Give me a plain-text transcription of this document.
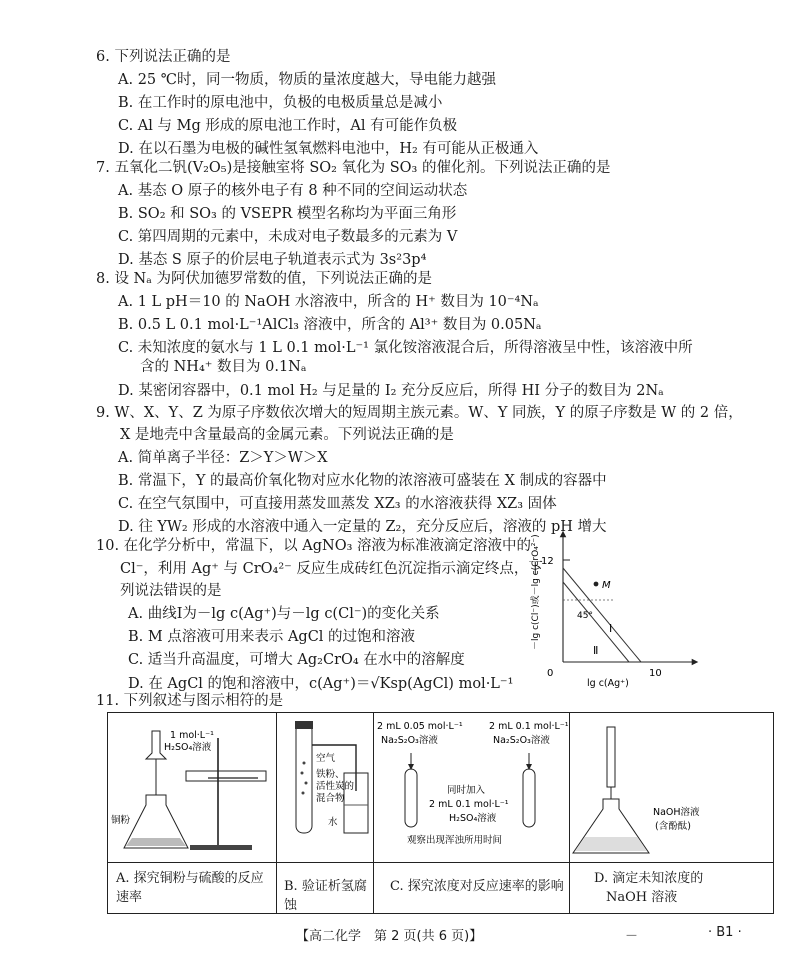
6. 下列说法正确的是
A. 25 ℃时，同一物质，物质的量浓度越大，导电能力越强
B. 在工作时的原电池中，负极的电极质量总是减小
C. Al 与 Mg 形成的原电池工作时，Al 有可能作负极
D. 在以石墨为电极的碱性氢氧燃料电池中，H₂ 有可能从正极通入
7. 五氧化二钒(V₂O₅)是接触室将 SO₂ 氧化为 SO₃ 的催化剂。下列说法正确的是
A. 基态 O 原子的核外电子有 8 种不同的空间运动状态
B. SO₂ 和 SO₃ 的 VSEPR 模型名称均为平面三角形
C. 第四周期的元素中，未成对电子数最多的元素为 V
D. 基态 S 原子的价层电子轨道表示式为 3s²3p⁴
8. 设 Nₐ 为阿伏加德罗常数的值，下列说法正确的是
A. 1 L pH＝10 的 NaOH 水溶液中，所含的 H⁺ 数目为 10⁻⁴Nₐ
B. 0.5 L 0.1 mol·L⁻¹AlCl₃ 溶液中，所含的 Al³⁺ 数目为 0.05Nₐ
C. 未知浓度的氨水与 1 L 0.1 mol·L⁻¹ 氯化铵溶液混合后，所得溶液呈中性，该溶液中所
含的 NH₄⁺ 数目为 0.1Nₐ
D. 某密闭容器中，0.1 mol H₂ 与足量的 I₂ 充分反应后，所得 HI 分子的数目为 2Nₐ
9. W、X、Y、Z 为原子序数依次增大的短周期主族元素。W、Y 同族，Y 的原子序数是 W 的 2 倍，
X 是地壳中含量最高的金属元素。下列说法正确的是
A. 简单离子半径：Z＞Y＞W＞X
B. 常温下，Y 的最高价氧化物对应水化物的浓溶液可盛装在 X 制成的容器中
C. 在空气氛围中，可直接用蒸发皿蒸发 XZ₃ 的水溶液获得 XZ₃ 固体
D. 往 YW₂ 形成的水溶液中通入一定量的 Z₂，充分反应后，溶液的 pH 增大
10. 在化学分析中，常温下，以 AgNO₃ 溶液为标准液滴定溶液中的
Cl⁻，利用 Ag⁺ 与 CrO₄²⁻ 反应生成砖红色沉淀指示滴定终点，下
列说法错误的是
A. 曲线Ⅰ为－lg c(Ag⁺)与－lg c(Cl⁻)的变化关系
B. M 点溶液可用来表示 AgCl 的过饱和溶液
C. 适当升高温度，可增大 Ag₂CrO₄ 在水中的溶解度
D. 在 AgCl 的饱和溶液中，c(Ag⁺)＝√Ksp(AgCl) mol·L⁻¹
12
0	10
M
45°
Ⅰ
Ⅱ
lg c(Ag⁺)
－lg c(Cl⁻)或－lg c(CrO₄²⁻)
11. 下列叙述与图示相符的是
1 mol·L⁻¹
H₂SO₄溶液
铜粉
空气
铁粉、
活性炭的
混合物
水
2 mL 0.05 mol·L⁻¹
Na₂S₂O₃溶液
2 mL 0.1 mol·L⁻¹
Na₂S₂O₃溶液
同时加入
2 mL 0.1 mol·L⁻¹
H₂SO₄溶液
观察出现浑浊所用时间
NaOH溶液
(含酚酞)
A. 探究铜粉与硫酸的反应速率
B. 验证析氢腐蚀
C. 探究浓度对反应速率的影响
D. 滴定未知浓度的
NaOH 溶液
【高二化学　第 2 页(共 6 页)】	－	· B1 ·
